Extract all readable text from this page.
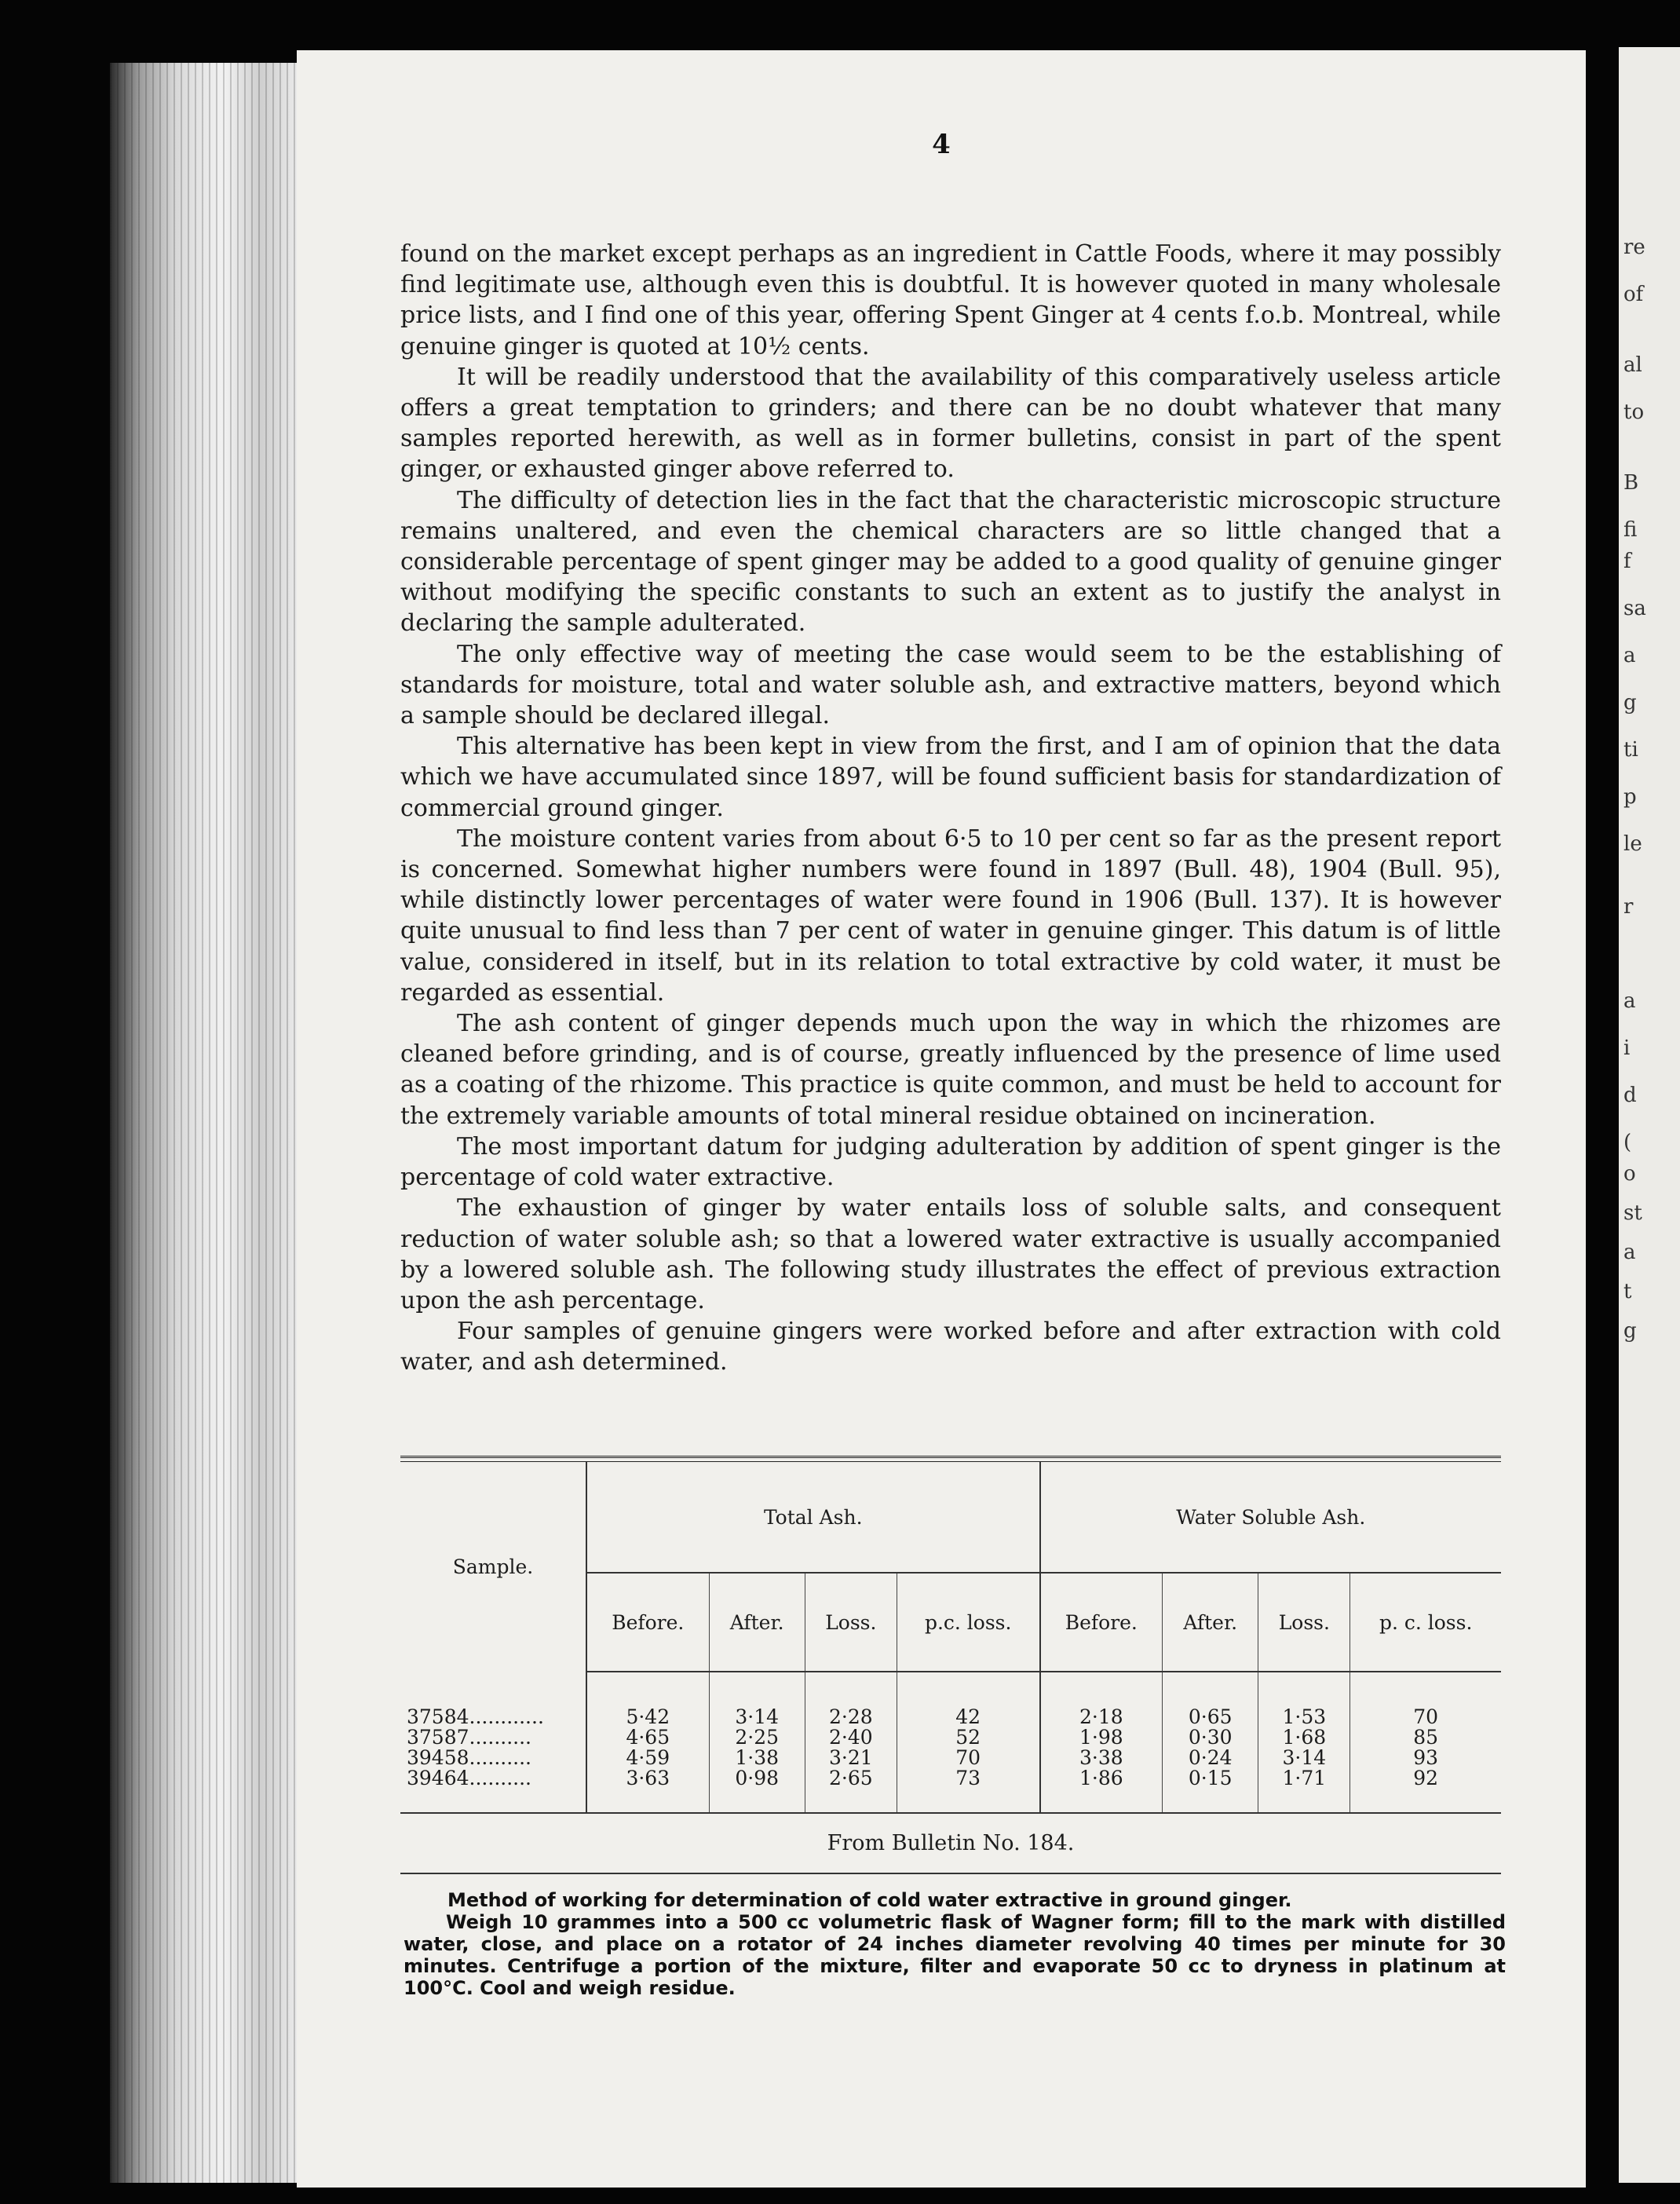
re
of
al
to
B
fi
f
sa
a
g
ti
p
le
r
a
i
d
(
o
st
a
t
g
4

found on the market except perhaps as an ingredient in Cattle Foods, where it may possibly find legitimate use, although even this is doubtful. It is however quoted in many wholesale price lists, and I find one of this year, offering Spent Ginger at 4 cents f.o.b. Montreal, while genuine ginger is quoted at 10½ cents.

It will be readily understood that the availability of this comparatively useless article offers a great temptation to grinders; and there can be no doubt whatever that many samples reported herewith, as well as in former bulletins, consist in part of the spent ginger, or exhausted ginger above referred to.

The difficulty of detection lies in the fact that the characteristic microscopic structure remains unaltered, and even the chemical characters are so little changed that a considerable percentage of spent ginger may be added to a good quality of genuine ginger without modifying the specific constants to such an extent as to justify the analyst in declaring the sample adulterated.

The only effective way of meeting the case would seem to be the establishing of standards for moisture, total and water soluble ash, and extractive matters, beyond which a sample should be declared illegal.

This alternative has been kept in view from the first, and I am of opinion that the data which we have accumulated since 1897, will be found sufficient basis for standardization of commercial ground ginger.

The moisture content varies from about 6·5 to 10 per cent so far as the present report is concerned. Somewhat higher numbers were found in 1897 (Bull. 48), 1904 (Bull. 95), while distinctly lower percentages of water were found in 1906 (Bull. 137). It is however quite unusual to find less than 7 per cent of water in genuine ginger. This datum is of little value, considered in itself, but in its relation to total extractive by cold water, it must be regarded as essential.

The ash content of ginger depends much upon the way in which the rhizomes are cleaned before grinding, and is of course, greatly influenced by the presence of lime used as a coating of the rhizome. This practice is quite common, and must be held to account for the extremely variable amounts of total mineral residue obtained on incineration.

The most important datum for judging adulteration by addition of spent ginger is the percentage of cold water extractive.

The exhaustion of ginger by water entails loss of soluble salts, and consequent reduction of water soluble ash; so that a lowered water extractive is usually accompanied by a lowered soluble ash. The following study illustrates the effect of previous extraction upon the ash percentage.

Four samples of genuine gingers were worked before and after extraction with cold water, and ash determined.

Sample.	Total Ash.				Water Soluble Ash.			
	Before.	After.	Loss.	p.c. loss.	Before.	After.	Loss.	p. c. loss.

37584............	5·42	3·14	2·28	42	2·18	0·65	1·53	70
37587..........	4·65	2·25	2·40	52	1·98	0·30	1·68	85
39458..........	4·59	1·38	3·21	70	3·38	0·24	3·14	93
39464..........	3·63	0·98	2·65	73	1·86	0·15	1·71	92

From Bulletin No. 184.

Method of working for determination of cold water extractive in ground ginger.

Weigh 10 grammes into a 500 cc volumetric flask of Wagner form; fill to the mark with distilled water, close, and place on a rotator of 24 inches diameter revolving 40 times per minute for 30 minutes. Centrifuge a portion of the mixture, filter and evaporate 50 cc to dryness in platinum at 100°C. Cool and weigh residue.
